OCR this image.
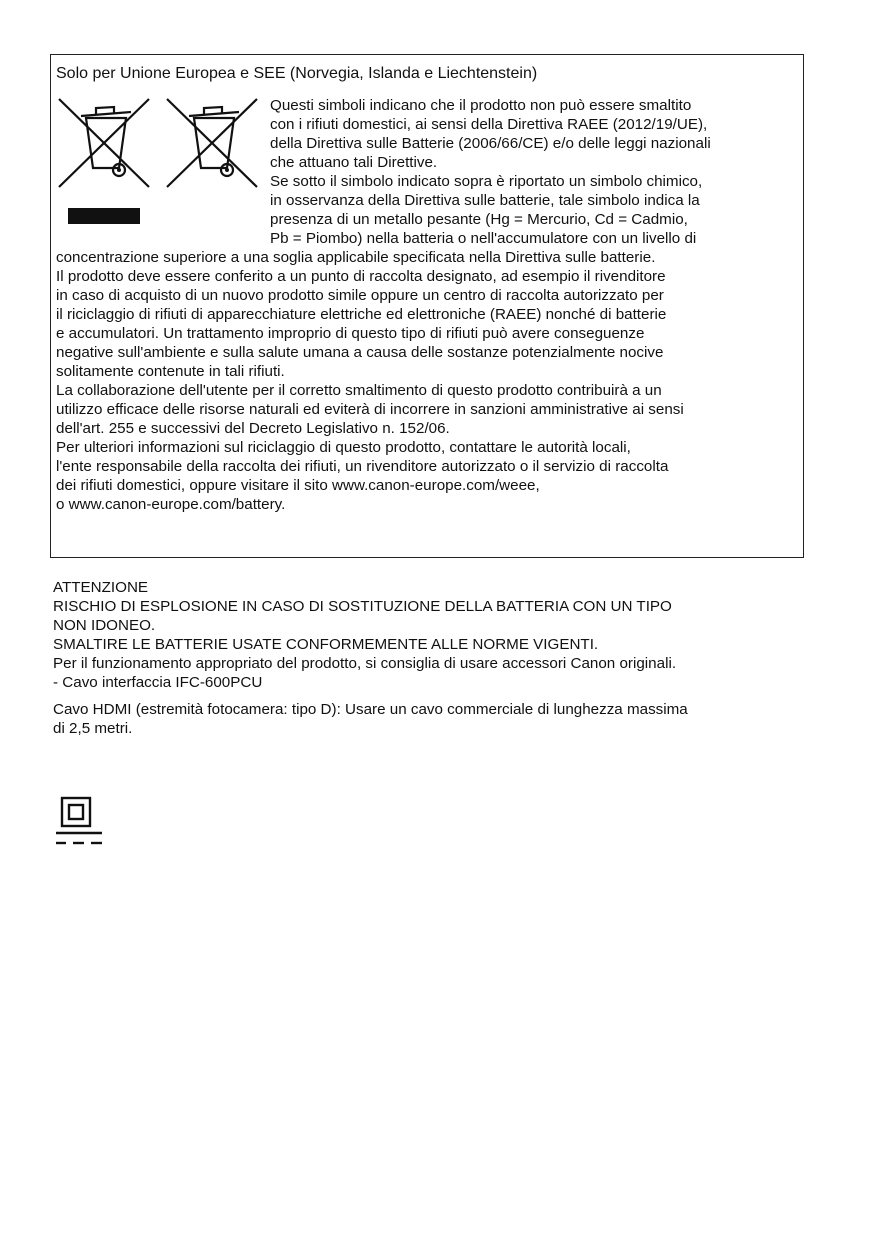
Solo per Unione Europea e SEE (Norvegia, Islanda e Liechtenstein)

Questi simboli indicano che il prodotto non può essere smaltito

con i rifiuti domestici, ai sensi della Direttiva RAEE (2012/19/UE),

della Direttiva sulle Batterie (2006/66/CE) e/o delle leggi nazionali

che attuano tali Direttive.

Se sotto il simbolo indicato sopra è riportato un simbolo chimico,

in osservanza della Direttiva sulle batterie, tale simbolo indica la

presenza di un metallo pesante (Hg = Mercurio, Cd = Cadmio,

Pb = Piombo) nella batteria o nell'accumulatore con un livello di

concentrazione superiore a una soglia applicabile specificata nella Direttiva sulle batterie.

Il prodotto deve essere conferito a un punto di raccolta designato, ad esempio il rivenditore

in caso di acquisto di un nuovo prodotto simile oppure un centro di raccolta autorizzato per

il riciclaggio di rifiuti di apparecchiature elettriche ed elettroniche (RAEE) nonché di batterie

e accumulatori. Un trattamento improprio di questo tipo di rifiuti può avere conseguenze

negative sull'ambiente e sulla salute umana a causa delle sostanze potenzialmente nocive

solitamente contenute in tali rifiuti.

La collaborazione dell'utente per il corretto smaltimento di questo prodotto contribuirà a un

utilizzo efficace delle risorse naturali ed eviterà di incorrere in sanzioni amministrative ai sensi

dell'art. 255 e successivi del Decreto Legislativo n. 152/06.

Per ulteriori informazioni sul riciclaggio di questo prodotto, contattare le autorità locali,

l'ente responsabile della raccolta dei rifiuti, un rivenditore autorizzato o il servizio di raccolta

dei rifiuti domestici, oppure visitare il sito www.canon-europe.com/weee,

o www.canon-europe.com/battery.

ATTENZIONE

RISCHIO DI ESPLOSIONE IN CASO DI SOSTITUZIONE DELLA BATTERIA CON UN TIPO

NON IDONEO.

SMALTIRE LE BATTERIE USATE CONFORMEMENTE ALLE NORME VIGENTI.

Per il funzionamento appropriato del prodotto, si consiglia di usare accessori Canon originali.

- Cavo interfaccia IFC-600PCU

Cavo HDMI (estremità fotocamera: tipo D): Usare un cavo commerciale di lunghezza massima

di 2,5 metri.
